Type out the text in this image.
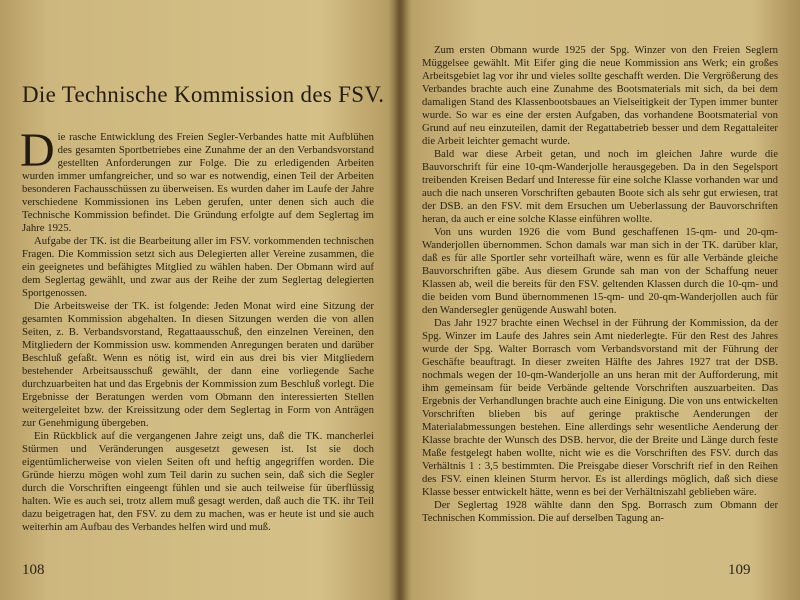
Die Technische Kommission des FSV.

Die rasche Entwicklung des Freien Segler-Verbandes hatte mit Aufblühen des gesamten Sportbetriebes eine Zunahme der an den Verbandsvorstand gestellten Anforderungen zur Folge. Die zu erledigenden Arbeiten wurden immer umfangreicher, und so war es notwendig, einen Teil der Arbeiten besonderen Fachausschüssen zu überweisen. Es wurden daher im Laufe der Jahre verschiedene Kommissionen ins Leben gerufen, unter denen sich auch die Technische Kommission befindet. Die Gründung erfolgte auf dem Seglertag im Jahre 1925.

Aufgabe der TK. ist die Bearbeitung aller im FSV. vorkommenden technischen Fragen. Die Kommission setzt sich aus Delegierten aller Vereine zusammen, die ein geeignetes und befähigtes Mitglied zu wählen haben. Der Obmann wird auf dem Seglertag gewählt, und zwar aus der Reihe der zum Seglertag delegierten Sportgenossen.

Die Arbeitsweise der TK. ist folgende: Jeden Monat wird eine Sitzung der gesamten Kommission abgehalten. In diesen Sitzungen werden die von allen Seiten, z. B. Verbandsvorstand, Regattaausschuß, den einzelnen Vereinen, den Mitgliedern der Kommission usw. kommenden Anregungen beraten und darüber Beschluß gefaßt. Wenn es nötig ist, wird ein aus drei bis vier Mitgliedern bestehender Arbeitsausschuß gewählt, der dann eine vorliegende Sache durchzuarbeiten hat und das Ergebnis der Kommission zum Beschluß vorlegt. Die Ergebnisse der Beratungen werden vom Obmann den interessierten Stellen weitergeleitet bzw. der Kreissitzung oder dem Seglertag in Form von Anträgen zur Genehmigung übergeben.

Ein Rückblick auf die vergangenen Jahre zeigt uns, daß die TK. mancherlei Stürmen und Veränderungen ausgesetzt gewesen ist. Ist sie doch eigentümlicherweise von vielen Seiten oft und heftig angegriffen worden. Die Gründe hierzu mögen wohl zum Teil darin zu suchen sein, daß sich die Segler durch die Vorschriften eingeengt fühlen und sie auch teilweise für überflüssig halten. Wie es auch sei, trotz allem muß gesagt werden, daß auch die TK. ihr Teil dazu beigetragen hat, den FSV. zu dem zu machen, was er heute ist und sie auch weiterhin am Aufbau des Verbandes helfen wird und muß.

108

Zum ersten Obmann wurde 1925 der Spg. Winzer von den Freien Seglern Müggelsee gewählt. Mit Eifer ging die neue Kommission ans Werk; ein großes Arbeitsgebiet lag vor ihr und vieles sollte geschafft werden. Die Vergrößerung des Verbandes brachte auch eine Zunahme des Bootsmaterials mit sich, da bei dem damaligen Stand des Klassenbootsbaues an Vielseitigkeit der Typen immer bunter wurde. So war es eine der ersten Aufgaben, das vorhandene Bootsmaterial von Grund auf neu einzuteilen, damit der Regattabetrieb besser und dem Regattaleiter die Arbeit leichter gemacht wurde.

Bald war diese Arbeit getan, und noch im gleichen Jahre wurde die Bauvorschrift für eine 10-qm-Wanderjolle herausgegeben. Da in den Segelsport treibenden Kreisen Bedarf und Interesse für eine solche Klasse vorhanden war und auch die nach unseren Vorschriften gebauten Boote sich als sehr gut erwiesen, trat der DSB. an den FSV. mit dem Ersuchen um Ueberlassung der Bauvorschriften heran, da auch er eine solche Klasse einführen wollte.

Von uns wurden 1926 die vom Bund geschaffenen 15-qm- und 20-qm-Wanderjollen übernommen. Schon damals war man sich in der TK. darüber klar, daß es für alle Sportler sehr vorteilhaft wäre, wenn es für alle Verbände gleiche Bauvorschriften gäbe. Aus diesem Grunde sah man von der Schaffung neuer Klassen ab, weil die bereits für den FSV. geltenden Klassen durch die 10-qm- und die beiden vom Bund übernommenen 15-qm- und 20-qm-Wanderjollen auch für den Wandersegler genügende Auswahl boten.

Das Jahr 1927 brachte einen Wechsel in der Führung der Kommission, da der Spg. Winzer im Laufe des Jahres sein Amt niederlegte. Für den Rest des Jahres wurde der Spg. Walter Borrasch vom Verbandsvorstand mit der Führung der Geschäfte beauftragt. In dieser zweiten Hälfte des Jahres 1927 trat der DSB. nochmals wegen der 10-qm-Wanderjolle an uns heran mit der Aufforderung, mit ihm gemeinsam für beide Verbände geltende Vorschriften auszuarbeiten. Das Ergebnis der Verhandlungen brachte auch eine Einigung. Die von uns entwickelten Vorschriften blieben bis auf geringe praktische Aenderungen der Materialabmessungen bestehen. Eine allerdings sehr wesentliche Aenderung der Klasse brachte der Wunsch des DSB. hervor, die der Breite und Länge durch feste Maße festgelegt haben wollte, nicht wie es die Vorschriften des FSV. durch das Verhältnis 1 : 3,5 bestimmten. Die Preisgabe dieser Vorschrift rief in den Reihen des FSV. einen kleinen Sturm hervor. Es ist allerdings möglich, daß sich diese Klasse besser entwickelt hätte, wenn es bei der Verhältniszahl geblieben wäre.

Der Seglertag 1928 wählte dann den Spg. Borrasch zum Obmann der Technischen Kommission. Die auf derselben Tagung an-

109
